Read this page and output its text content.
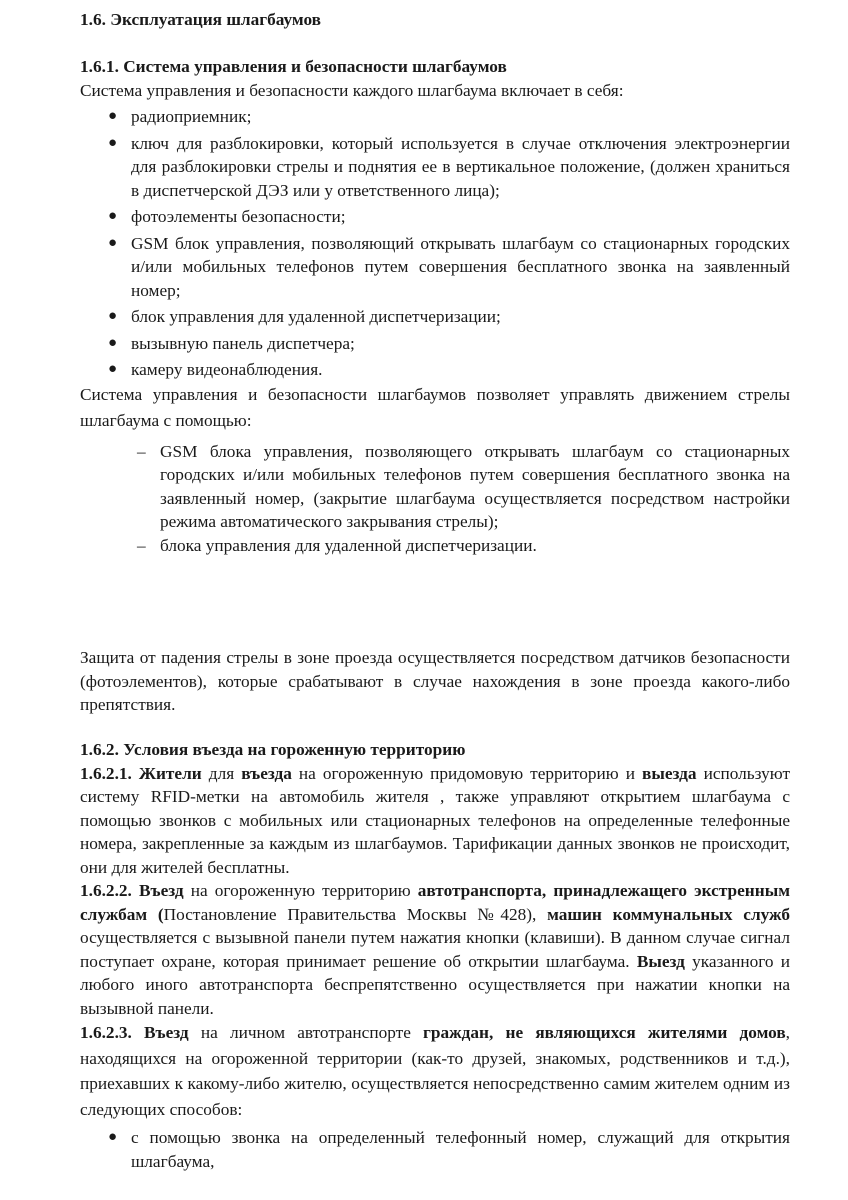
1.6. Эксплуатация шлагбаумов

1.6.1. Система управления и безопасности шлагбаумов

Система управления и безопасности каждого шлагбаума включает в себя:

● радиоприемник;
● ключ для разблокировки, который используется в случае отключения электроэнергии для разблокировки стрелы и поднятия ее в вертикальное положение, (должен храниться в диспетчерской ДЭЗ или у ответственного лица);
● фотоэлементы безопасности;
● GSM блок управления, позволяющий открывать шлагбаум со стационарных городских и/или мобильных телефонов путем совершения бесплатного звонка на заявленный номер;
● блок управления для удаленной диспетчеризации;
● вызывную панель диспетчера;
● камеру видеонаблюдения.

Система управления и безопасности шлагбаумов позволяет управлять движением стрелы шлагбаума с помощью:

– GSM блока управления, позволяющего открывать шлагбаум со стационарных городских и/или мобильных телефонов путем совершения бесплатного звонка на заявленный номер, (закрытие шлагбаума осуществляется посредством настройки режима автоматического закрывания стрелы);
– блока управления для удаленной диспетчеризации.

Защита от падения стрелы в зоне проезда осуществляется посредством датчиков безопасности (фотоэлементов), которые срабатывают в случае нахождения в зоне проезда какого-либо препятствия.

1.6.2. Условия въезда на гороженную территорию

1.6.2.1. Жители для въезда на огороженную придомовую территорию и выезда используют систему RFID-метки на автомобиль жителя , также управляют открытием шлагбаума с помощью звонков с мобильных или стационарных телефонов на определенные телефонные номера, закрепленные за каждым из шлагбаумов. Тарификации данных звонков не происходит, они для жителей бесплатны.

1.6.2.2. Въезд на огороженную территорию автотранспорта, принадлежащего экстренным службам (Постановление Правительства Москвы №428), машин коммунальных служб осуществляется с вызывной панели путем нажатия кнопки (клавиши). В данном случае сигнал поступает охране, которая принимает решение об открытии шлагбаума. Выезд указанного и любого иного автотранспорта беспрепятственно осуществляется при нажатии кнопки на вызывной панели.

1.6.2.3. Въезд на личном автотранспорте граждан, не являющихся жителями домов, находящихся на огороженной территории (как-то друзей, знакомых, родственников и т.д.), приехавших к какому-либо жителю, осуществляется непосредственно самим жителем одним из следующих способов:

● с помощью звонка на определенный телефонный номер, служащий для открытия шлагбаума,
